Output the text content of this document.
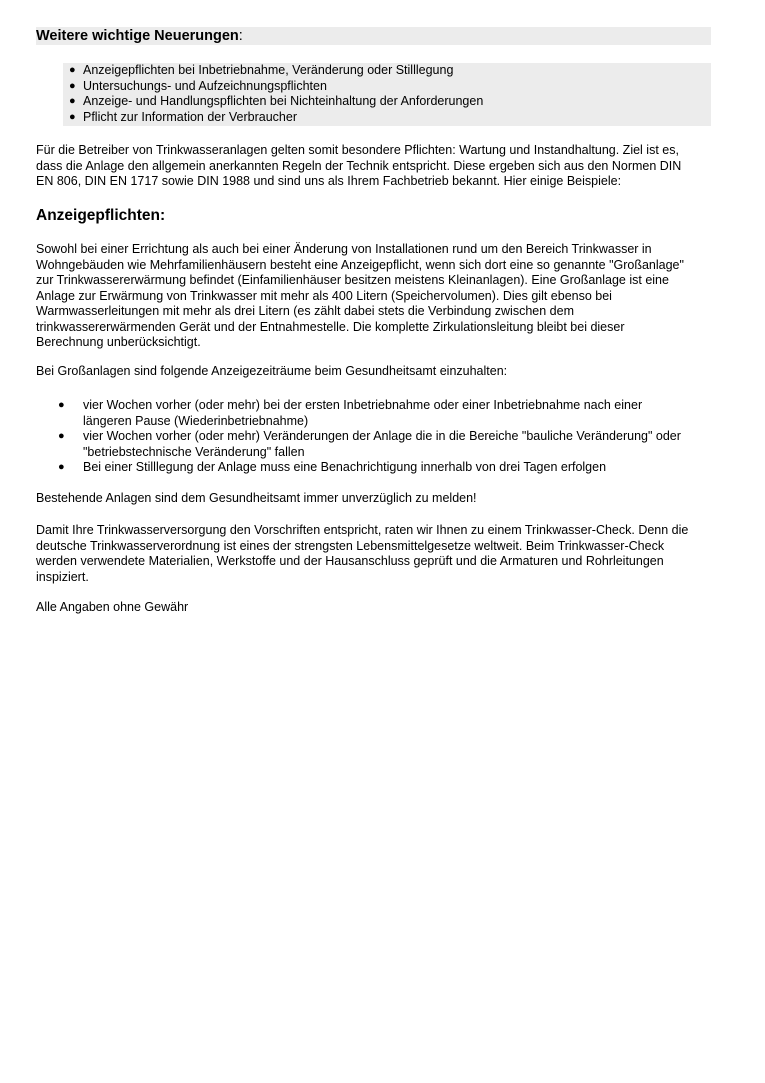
Weitere wichtige Neuerungen:
● Anzeigepflichten bei Inbetriebnahme, Veränderung oder Stilllegung
● Untersuchungs- und Aufzeichnungspflichten
● Anzeige- und Handlungspflichten bei Nichteinhaltung der Anforderungen
● Pflicht zur Information der Verbraucher

Für die Betreiber von Trinkwasseranlagen gelten somit besondere Pflichten: Wartung und Instandhaltung. Ziel ist es,
dass die Anlage den allgemein anerkannten Regeln der Technik entspricht. Diese ergeben sich aus den Normen DIN
EN 806, DIN EN 1717 sowie DIN 1988 und sind uns als Ihrem Fachbetrieb bekannt. Hier einige Beispiele:

Anzeigepflichten:

Sowohl bei einer Errichtung als auch bei einer Änderung von Installationen rund um den Bereich Trinkwasser in
Wohngebäuden wie Mehrfamilienhäusern besteht eine Anzeigepflicht, wenn sich dort eine so genannte "Großanlage"
zur Trinkwassererwärmung befindet (Einfamilienhäuser besitzen meistens Kleinanlagen). Eine Großanlage ist eine
Anlage zur Erwärmung von Trinkwasser mit mehr als 400 Litern (Speichervolumen). Dies gilt ebenso bei
Warmwasserleitungen mit mehr als drei Litern (es zählt dabei stets die Verbindung zwischen dem
trinkwassererwärmenden Gerät und der Entnahmestelle. Die komplette Zirkulationsleitung bleibt bei dieser
Berechnung unberücksichtigt.

Bei Großanlagen sind folgende Anzeigezeiträume beim Gesundheitsamt einzuhalten:

● vier Wochen vorher (oder mehr) bei der ersten Inbetriebnahme oder einer Inbetriebnahme nach einer
längeren Pause (Wiederinbetriebnahme)
● vier Wochen vorher (oder mehr) Veränderungen der Anlage die in die Bereiche "bauliche Veränderung" oder
"betriebstechnische Veränderung" fallen
● Bei einer Stilllegung der Anlage muss eine Benachrichtigung innerhalb von drei Tagen erfolgen

Bestehende Anlagen sind dem Gesundheitsamt immer unverzüglich zu melden!

Damit Ihre Trinkwasserversorgung den Vorschriften entspricht, raten wir Ihnen zu einem Trinkwasser-Check. Denn die
deutsche Trinkwasserverordnung ist eines der strengsten Lebensmittelgesetze weltweit. Beim Trinkwasser-Check
werden verwendete Materialien, Werkstoffe und der Hausanschluss geprüft und die Armaturen und Rohrleitungen
inspiziert.

Alle Angaben ohne Gewähr
